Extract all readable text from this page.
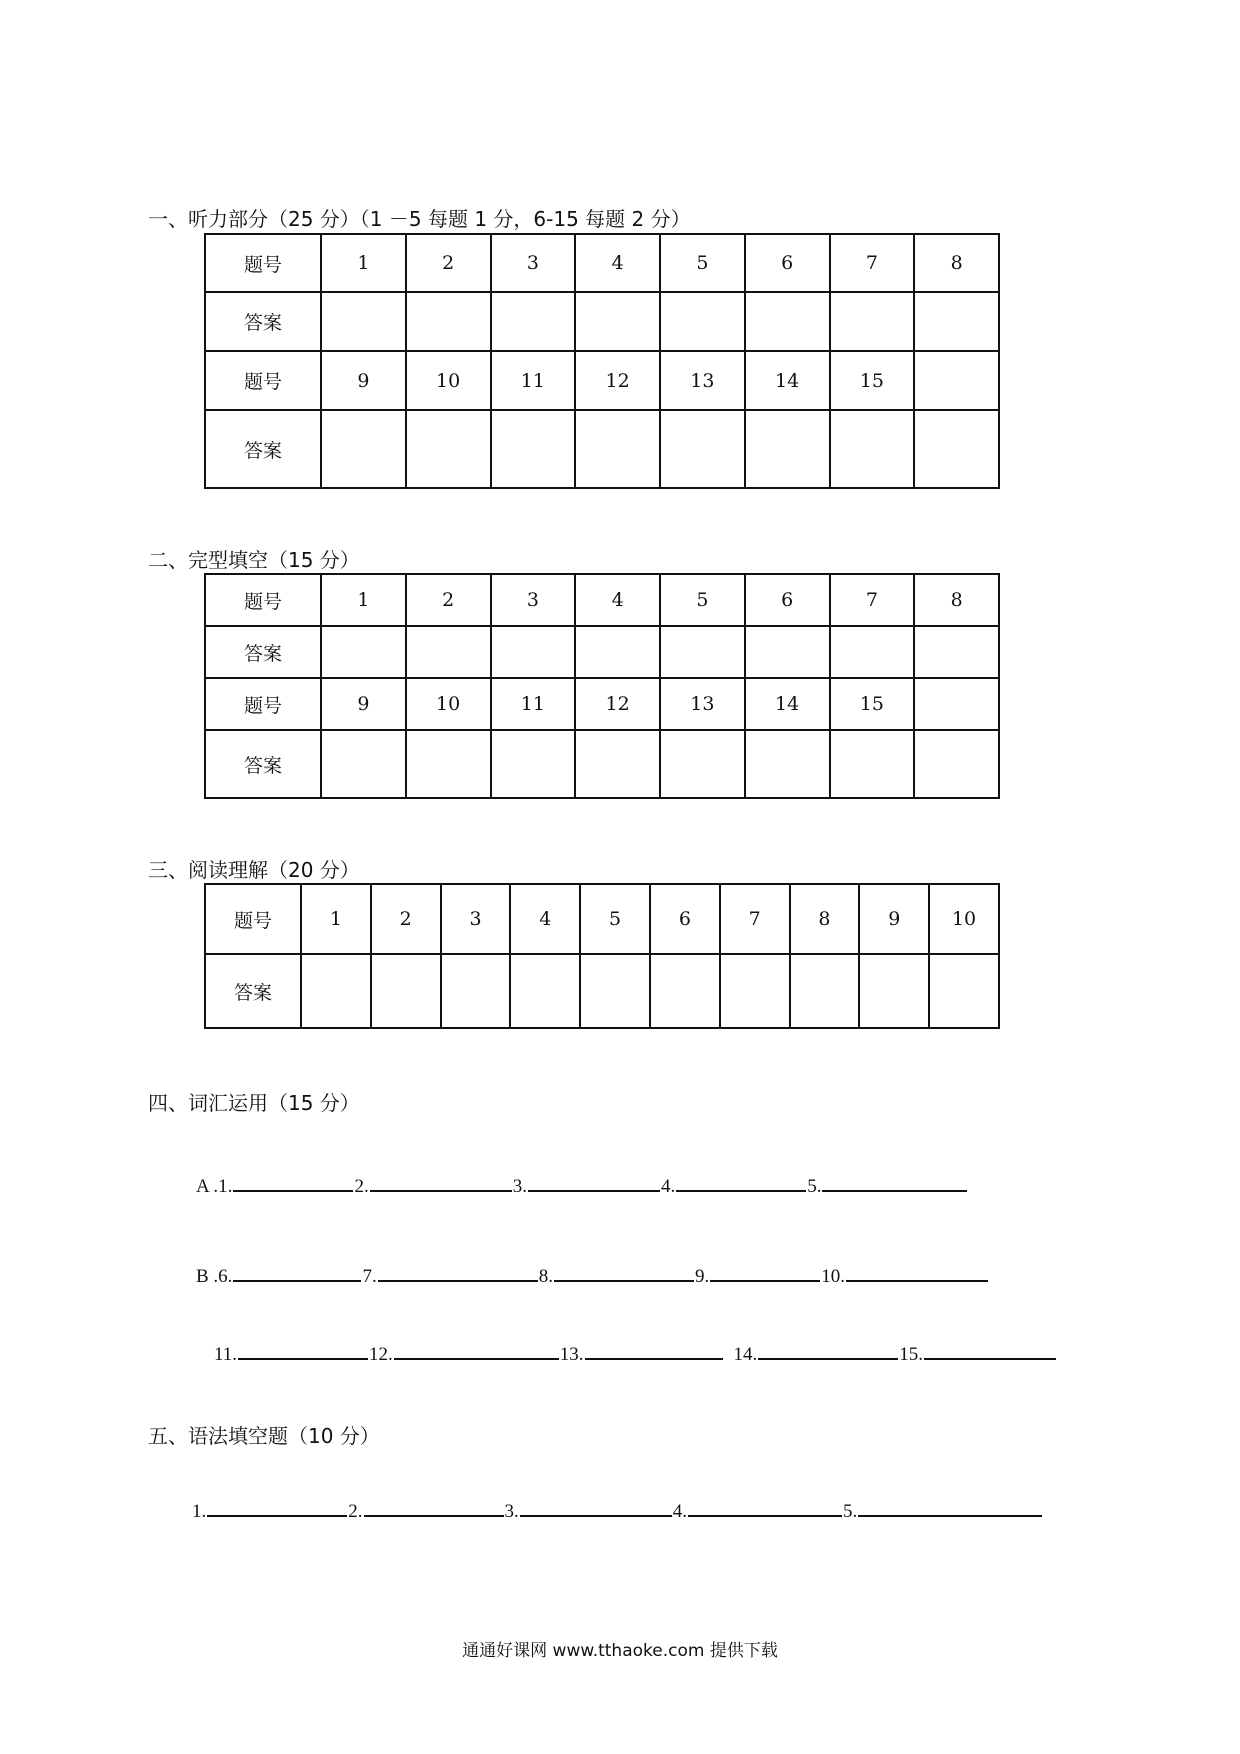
一、听力部分（25 分）（1 －5 每题 1 分，6-15 每题 2 分）
题号	1	2	3	4	5	6	7	8
答案								
题号	9	10	11	12	13	14	15	
答案								
二、完型填空（15 分）
题号	1	2	3	4	5	6	7	8
答案								
题号	9	10	11	12	13	14	15	
答案								
三、阅读理解（20 分）
题号	1	2	3	4	5	6	7	8	9	10
答案										
四、词汇运用（15 分）
A .1.	2.	3.	4.	5.
B .6.	7.	8.	9.	10.
11.	12.	13.	14.	15.
五、语法填空题（10 分）
1.	2.	3.	4.	5.
通通好课网 www.tthaoke.com 提供下载
